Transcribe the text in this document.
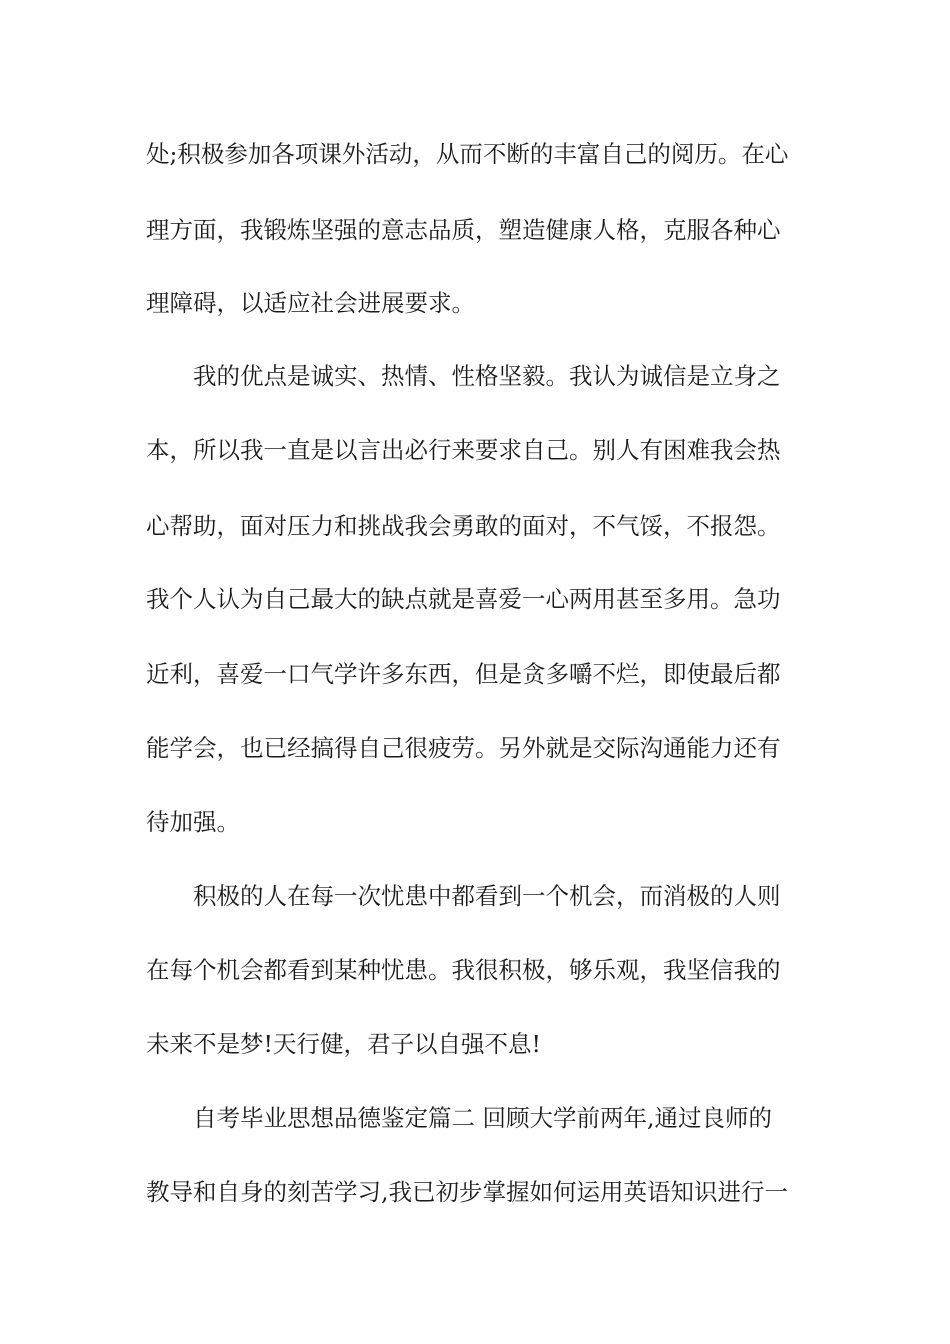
处;积极参加各项课外活动，从而不断的丰富自己的阅历。在心
理方面，我锻炼坚强的意志品质，塑造健康人格，克服各种心
理障碍，以适应社会进展要求。
我的优点是诚实、热情、性格坚毅。我认为诚信是立身之
本，所以我一直是以言出必行来要求自己。别人有困难我会热
心帮助，面对压力和挑战我会勇敢的面对，不气馁，不报怨。
我个人认为自己最大的缺点就是喜爱一心两用甚至多用。急功
近利，喜爱一口气学许多东西，但是贪多嚼不烂，即使最后都
能学会，也已经搞得自己很疲劳。另外就是交际沟通能力还有
待加强。
积极的人在每一次忧患中都看到一个机会，而消极的人则
在每个机会都看到某种忧患。我很积极，够乐观，我坚信我的
未来不是梦!天行健，君子以自强不息!
自考毕业思想品德鉴定篇二 回顾大学前两年,通过良师的
教导和自身的刻苦学习,我已初步掌握如何运用英语知识进行一
